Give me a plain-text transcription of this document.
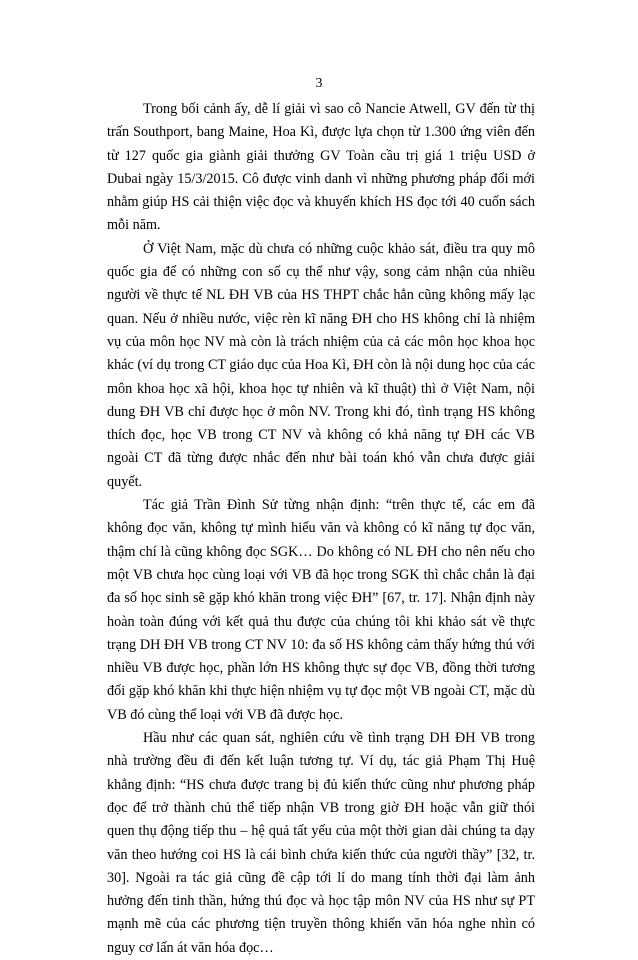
3

Trong bối cảnh ấy, dễ lí giải vì sao cô Nancie Atwell, GV đến từ thị trấn Southport, bang Maine, Hoa Kì, được lựa chọn từ 1.300 ứng viên đến từ 127 quốc gia giành giải thưởng GV Toàn cầu trị giá 1 triệu USD ở Dubai ngày 15/3/2015. Cô được vinh danh vì những phương pháp đổi mới nhằm giúp HS cải thiện việc đọc và khuyến khích HS đọc tới 40 cuốn sách mỗi năm.

Ở Việt Nam, mặc dù chưa có những cuộc khảo sát, điều tra quy mô quốc gia để có những con số cụ thể như vậy, song cảm nhận của nhiều người về thực tế NL ĐH VB của HS THPT chắc hẳn cũng không mấy lạc quan. Nếu ở nhiều nước, việc rèn kĩ năng ĐH cho HS không chỉ là nhiệm vụ của môn học NV mà còn là trách nhiệm của cả các môn học khoa học khác (ví dụ trong CT giáo dục của Hoa Kì, ĐH còn là nội dung học của các môn khoa học xã hội, khoa học tự nhiên và kĩ thuật) thì ở Việt Nam, nội dung ĐH VB chỉ được học ở môn NV. Trong khi đó, tình trạng HS không thích đọc, học VB trong CT NV và không có khả năng tự ĐH các VB ngoài CT đã từng được nhắc đến như bài toán khó vẫn chưa được giải quyết.

Tác giả Trần Đình Sử từng nhận định: “trên thực tế, các em đã không đọc văn, không tự mình hiểu văn và không có kĩ năng tự đọc văn, thậm chí là cũng không đọc SGK… Do không có NL ĐH cho nên nếu cho một VB chưa học cùng loại với VB đã học trong SGK thì chắc chắn là đại đa số học sinh sẽ gặp khó khăn trong việc ĐH” [67, tr. 17]. Nhận định này hoàn toàn đúng với kết quả thu được của chúng tôi khi khảo sát về thực trạng DH ĐH VB trong CT NV 10: đa số HS không cảm thấy hứng thú với nhiều VB được học, phần lớn HS không thực sự đọc VB, đồng thời tương đối gặp khó khăn khi thực hiện nhiệm vụ tự đọc một VB ngoài CT, mặc dù VB đó cùng thể loại với VB đã được học.

Hầu như các quan sát, nghiên cứu về tình trạng DH ĐH VB trong nhà trường đều đi đến kết luận tương tự. Ví dụ, tác giả Phạm Thị Huệ khẳng định: “HS chưa được trang bị đủ kiến thức cũng như phương pháp đọc để trở thành chủ thể tiếp nhận VB trong giờ ĐH hoặc vẫn giữ thói quen thụ động tiếp thu – hệ quả tất yếu của một thời gian dài chúng ta dạy văn theo hướng coi HS là cái bình chứa kiến thức của người thầy” [32, tr. 30]. Ngoài ra tác giả cũng đề cập tới lí do mang tính thời đại làm ảnh hưởng đến tinh thần, hứng thú đọc và học tập môn NV của HS như sự PT mạnh mẽ của các phương tiện truyền thông khiến văn hóa nghe nhìn có nguy cơ lấn át văn hóa đọc…
